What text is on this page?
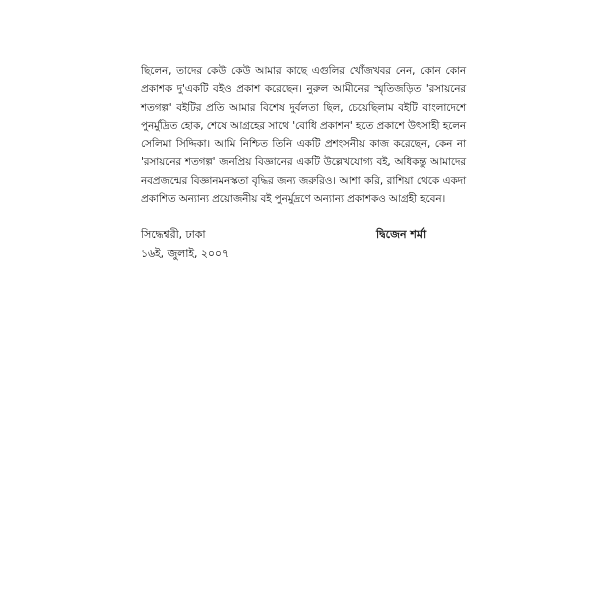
ছিলেন, তাদের কেউ কেউ আমার কাছে এগুলির খোঁজখবর নেন, কোন কোন প্রকাশক দু'একটি বইও প্রকাশ করেছেন। নুরুল আমীনের স্মৃতিজড়িত 'রসায়নের শতগল্প' বইটির প্রতি আমার বিশেষ দুর্বলতা ছিল, চেয়েছিলাম বইটি বাংলাদেশে পুনর্মুদ্রিত হোক, শেষে আগ্রহের সাথে 'বোধি প্রকাশন' হতে প্রকাশে উৎসাহী হলেন সেলিমা সিদ্দিকা। আমি নিশ্চিত তিনি একটি প্রশংসনীয় কাজ করেছেন, কেন না 'রসায়নের শতগল্প' জনপ্রিয় বিজ্ঞানের একটি উল্লেখযোগ্য বই, অধিকন্তু আমাদের নবপ্রজন্মের বিজ্ঞানমনস্কতা বৃদ্ধির জন্য জরুরিও। আশা করি, রাশিয়া থেকে একদা প্রকাশিত অন্যান্য প্রয়োজনীয় বই পুনর্মুদ্রণে অন্যান্য প্রকাশকও আগ্রহী হবেন।

সিদ্ধেশ্বরী, ঢাকা

১৬ই, জুলাই, ২০০৭

দ্বিজেন শর্মা
